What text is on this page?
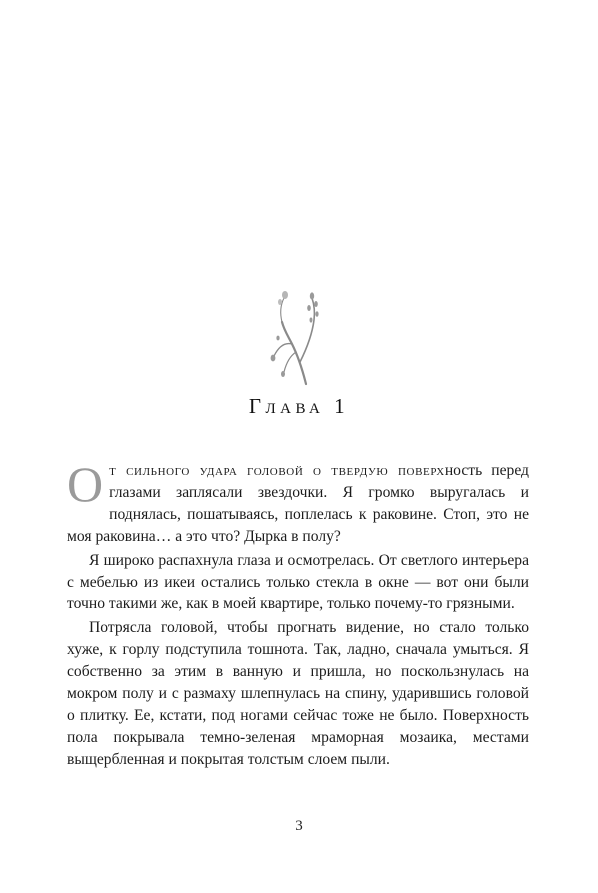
Глава 1

От сильного удара головой о твердую поверхность перед глазами заплясали звездочки. Я громко выругалась и поднялась, пошатываясь, поплелась к раковине. Стоп, это не моя раковина… а это что? Дырка в полу?

Я широко распахнула глаза и осмотрелась. От светлого интерьера с мебелью из икеи остались только стекла в окне — вот они были точно такими же, как в моей квартире, только почему-то грязными.

Потрясла головой, чтобы прогнать видение, но стало только хуже, к горлу подступила тошнота. Так, ладно, сначала умыться. Я собственно за этим в ванную и пришла, но поскользнулась на мокром полу и с размаху шлепнулась на спину, ударившись головой о плитку. Ее, кстати, под ногами сейчас тоже не было. Поверхность пола покрывала темно-зеленая мраморная мозаика, местами выщербленная и покрытая толстым слоем пыли.

3
